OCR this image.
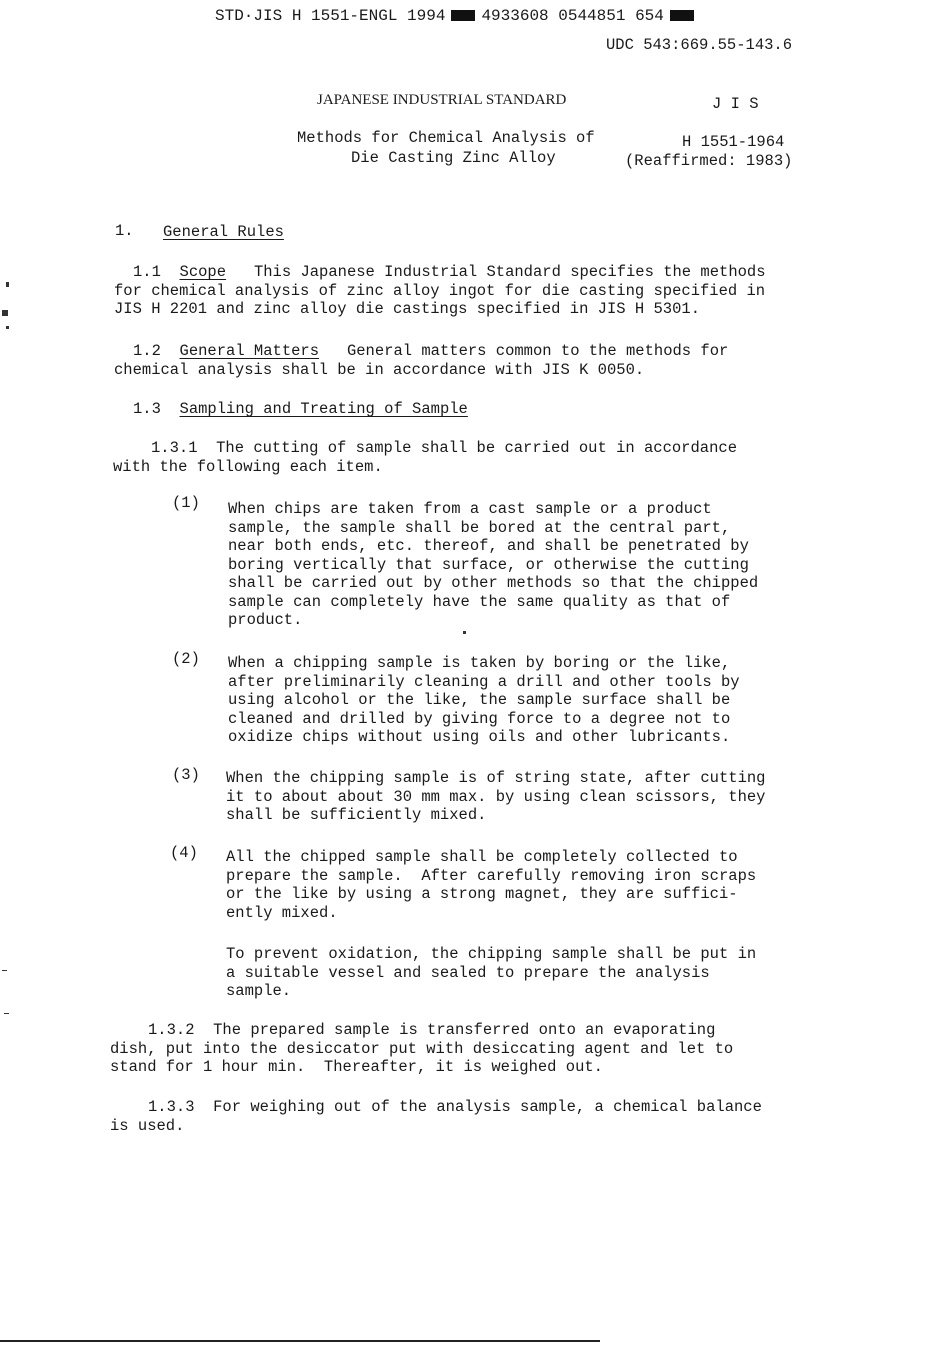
STD·JIS H 1551-ENGL 1994 4933608 0544851 654
UDC 543:669.55-143.6
JAPANESE INDUSTRIAL STANDARD	J I S
Methods for Chemical Analysis of
Die Casting Zinc Alloy
H 1551-1964
(Reaffirmed: 1983)
1. General Rules
1.1 Scope This Japanese Industrial Standard specifies the methods
for chemical analysis of zinc alloy ingot for die casting specified in
JIS H 2201 and zinc alloy die castings specified in JIS H 5301.
1.2 General Matters General matters common to the methods for
chemical analysis shall be in accordance with JIS K 0050.
1.3 Sampling and Treating of Sample
1.3.1  The cutting of sample shall be carried out in accordance
with the following each item.
(1) When chips are taken from a cast sample or a product
sample, the sample shall be bored at the central part,
near both ends, etc. thereof, and shall be penetrated by
boring vertically that surface, or otherwise the cutting
shall be carried out by other methods so that the chipped
sample can completely have the same quality as that of
product.
(2) When a chipping sample is taken by boring or the like,
after preliminarily cleaning a drill and other tools by
using alcohol or the like, the sample surface shall be
cleaned and drilled by giving force to a degree not to
oxidize chips without using oils and other lubricants.
(3) When the chipping sample is of string state, after cutting
it to about about 30 mm max. by using clean scissors, they
shall be sufficiently mixed.
(4) All the chipped sample shall be completely collected to
prepare the sample.  After carefully removing iron scraps
or the like by using a strong magnet, they are suffici-
ently mixed.
To prevent oxidation, the chipping sample shall be put in
a suitable vessel and sealed to prepare the analysis
sample.
1.3.2  The prepared sample is transferred onto an evaporating
dish, put into the desiccator put with desiccating agent and let to
stand for 1 hour min.  Thereafter, it is weighed out.
1.3.3  For weighing out of the analysis sample, a chemical balance
is used.
